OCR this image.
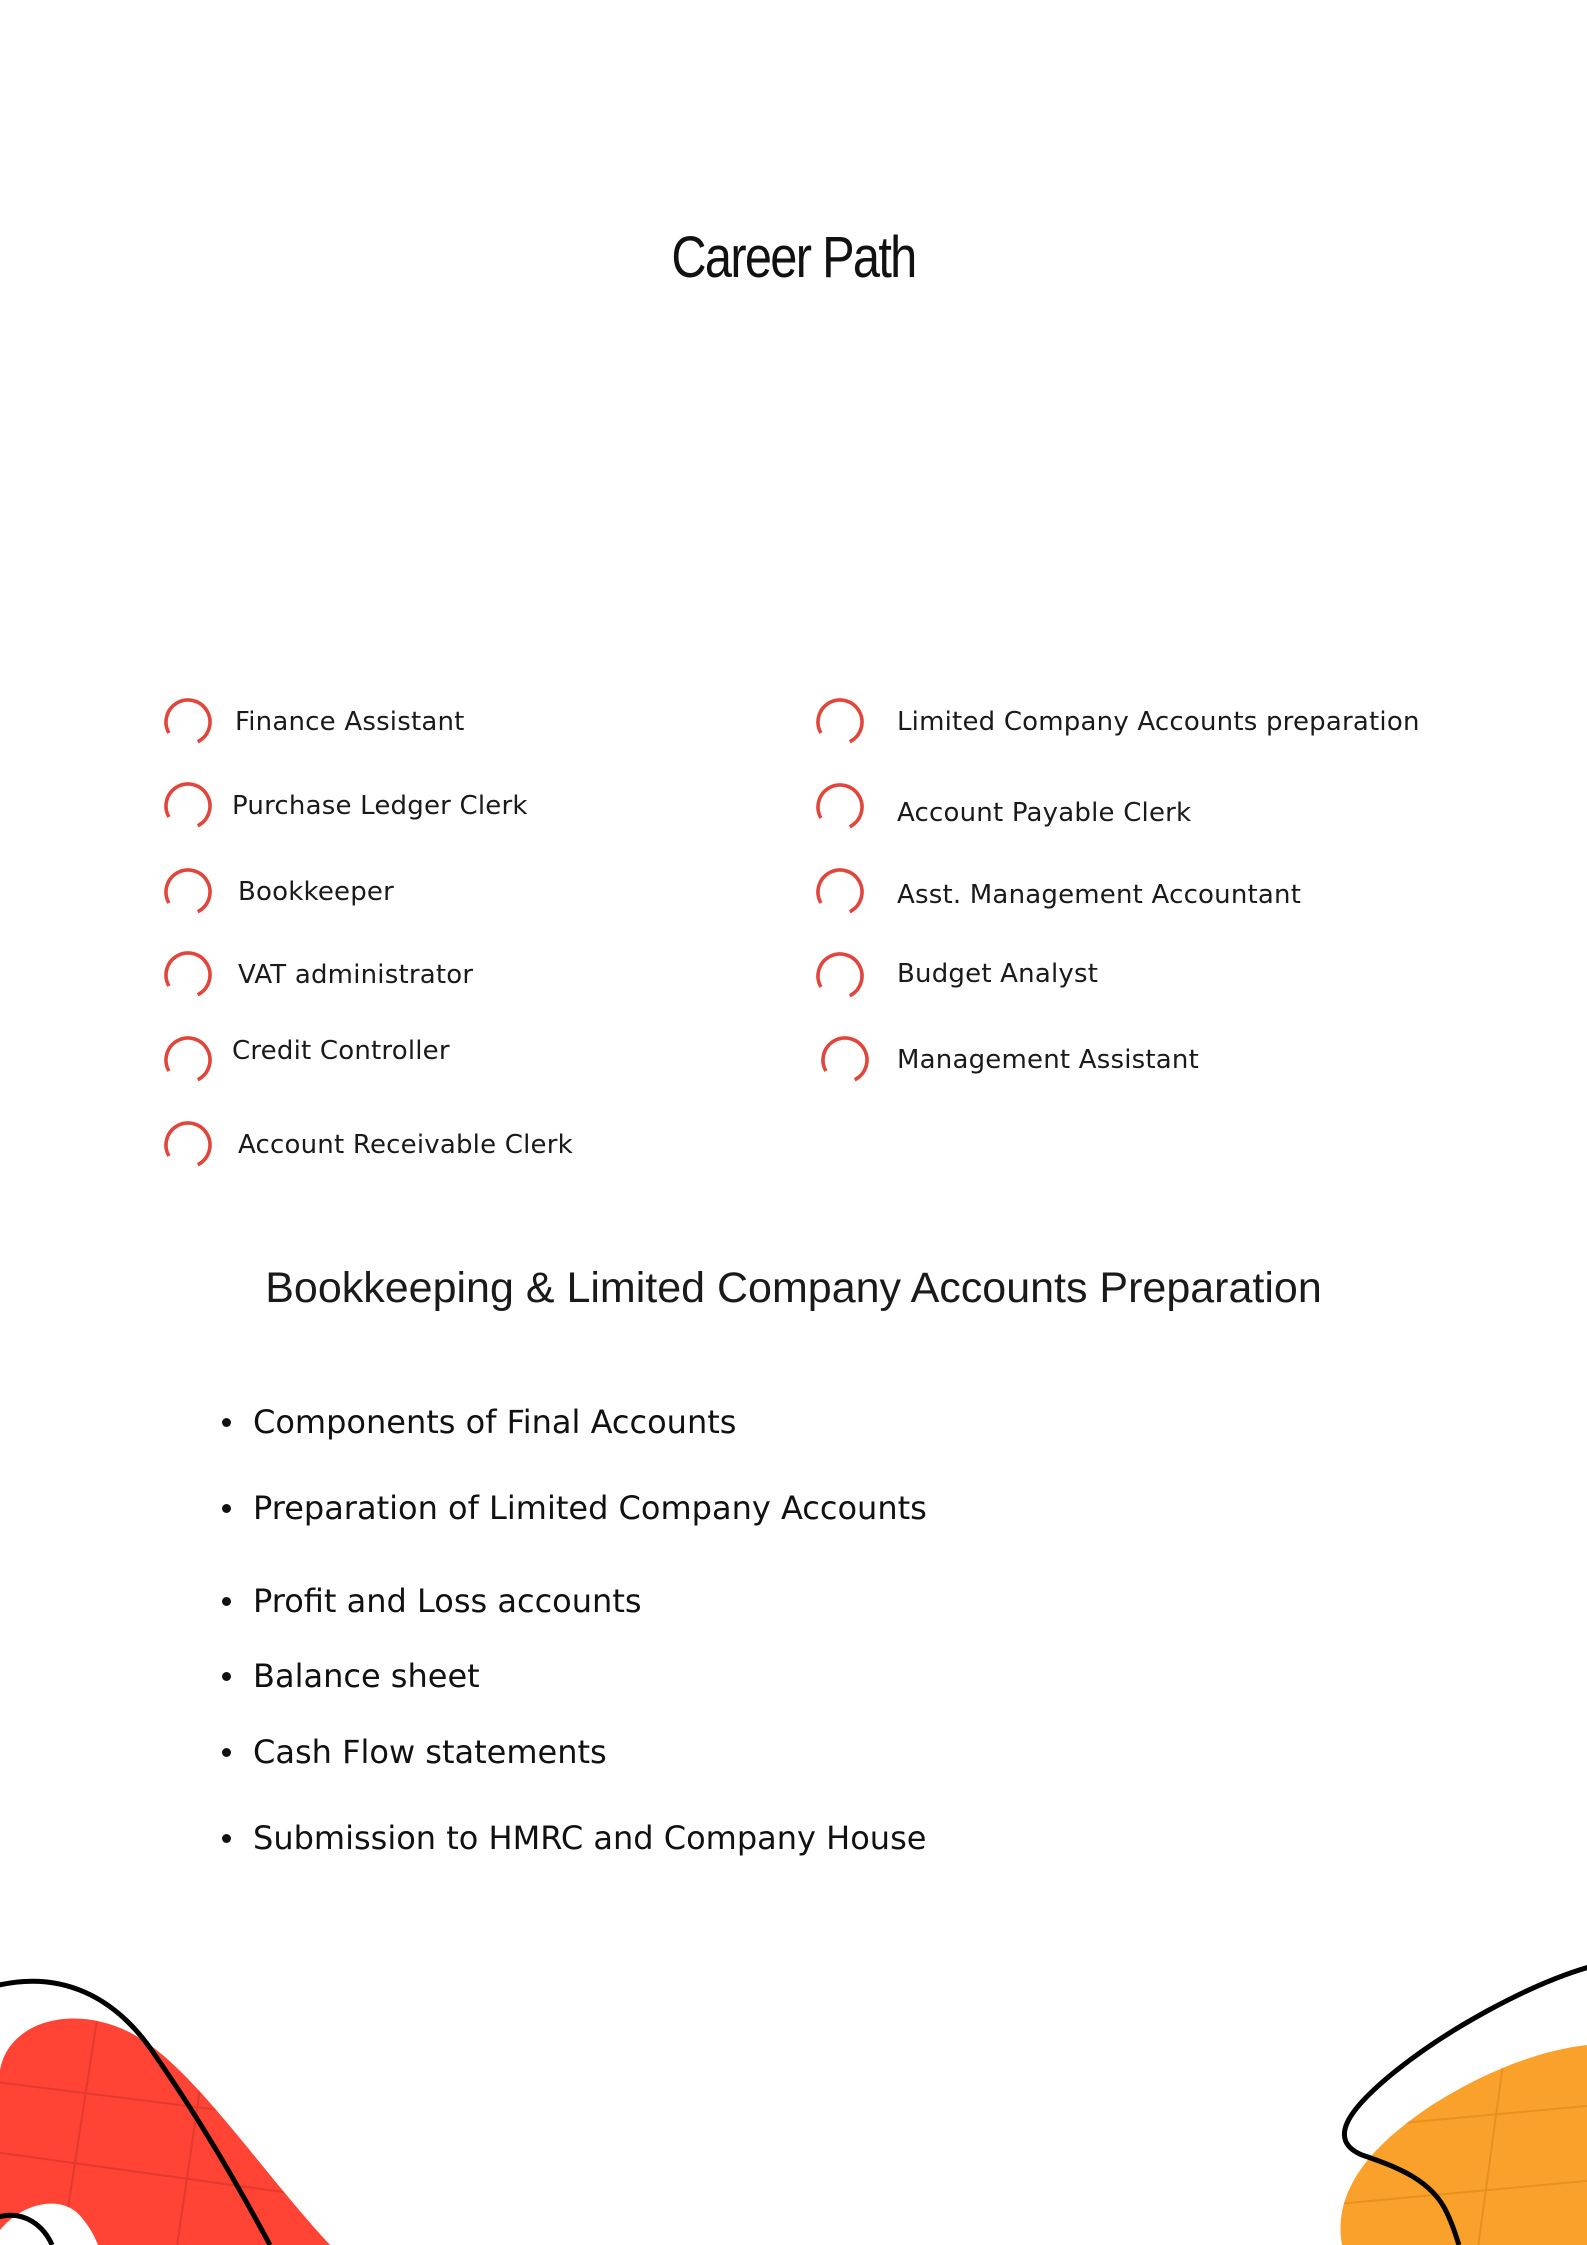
Career Path
Finance Assistant
Purchase Ledger Clerk
Bookkeeper
VAT administrator
Credit Controller
Account Receivable Clerk
Limited Company Accounts preparation
Account Payable Clerk
Asst. Management Accountant
Budget Analyst
Management Assistant
Bookkeeping & Limited Company Accounts Preparation
Components of Final Accounts
Preparation of Limited Company Accounts
Profit and Loss accounts
Balance sheet
Cash Flow statements
Submission to HMRC and Company House
